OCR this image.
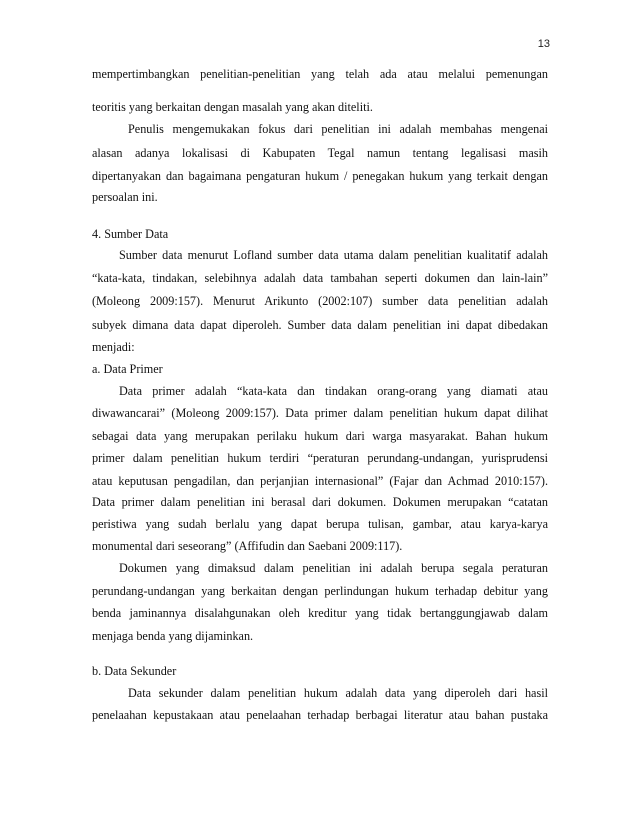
13
mempertimbangkan penelitian-penelitian yang telah ada atau melalui pemenungan
teoritis yang berkaitan dengan masalah yang akan diteliti.
Penulis mengemukakan fokus dari penelitian ini adalah membahas mengenai
alasan adanya lokalisasi di Kabupaten Tegal namun tentang legalisasi masih
dipertanyakan dan bagaimana pengaturan hukum / penegakan hukum yang terkait dengan
persoalan ini.
4. Sumber Data
Sumber data menurut Lofland sumber data utama dalam penelitian kualitatif adalah
“kata-kata, tindakan, selebihnya adalah data tambahan seperti dokumen dan lain-lain”
(Moleong 2009:157). Menurut Arikunto (2002:107) sumber data penelitian adalah
subyek dimana data dapat diperoleh. Sumber data dalam penelitian ini dapat dibedakan
menjadi:
a. Data Primer
Data primer adalah “kata-kata dan tindakan orang-orang yang diamati atau
diwawancarai” (Moleong 2009:157). Data primer dalam penelitian hukum dapat dilihat
sebagai data yang merupakan perilaku hukum dari warga masyarakat. Bahan hukum
primer dalam penelitian hukum terdiri “peraturan perundang-undangan, yurisprudensi
atau keputusan pengadilan, dan perjanjian internasional” (Fajar dan Achmad 2010:157).
Data primer dalam penelitian ini berasal dari dokumen. Dokumen merupakan “catatan
peristiwa yang sudah berlalu yang dapat berupa tulisan, gambar, atau karya-karya
monumental dari seseorang” (Affifudin dan Saebani 2009:117).
Dokumen yang dimaksud dalam penelitian ini adalah berupa segala peraturan
perundang-undangan yang berkaitan dengan perlindungan hukum terhadap debitur yang
benda jaminannya disalahgunakan oleh kreditur yang tidak bertanggungjawab dalam
menjaga benda yang dijaminkan.
b. Data Sekunder
Data sekunder dalam penelitian hukum adalah data yang diperoleh dari hasil
penelaahan kepustakaan atau penelaahan terhadap berbagai literatur atau bahan pustaka
